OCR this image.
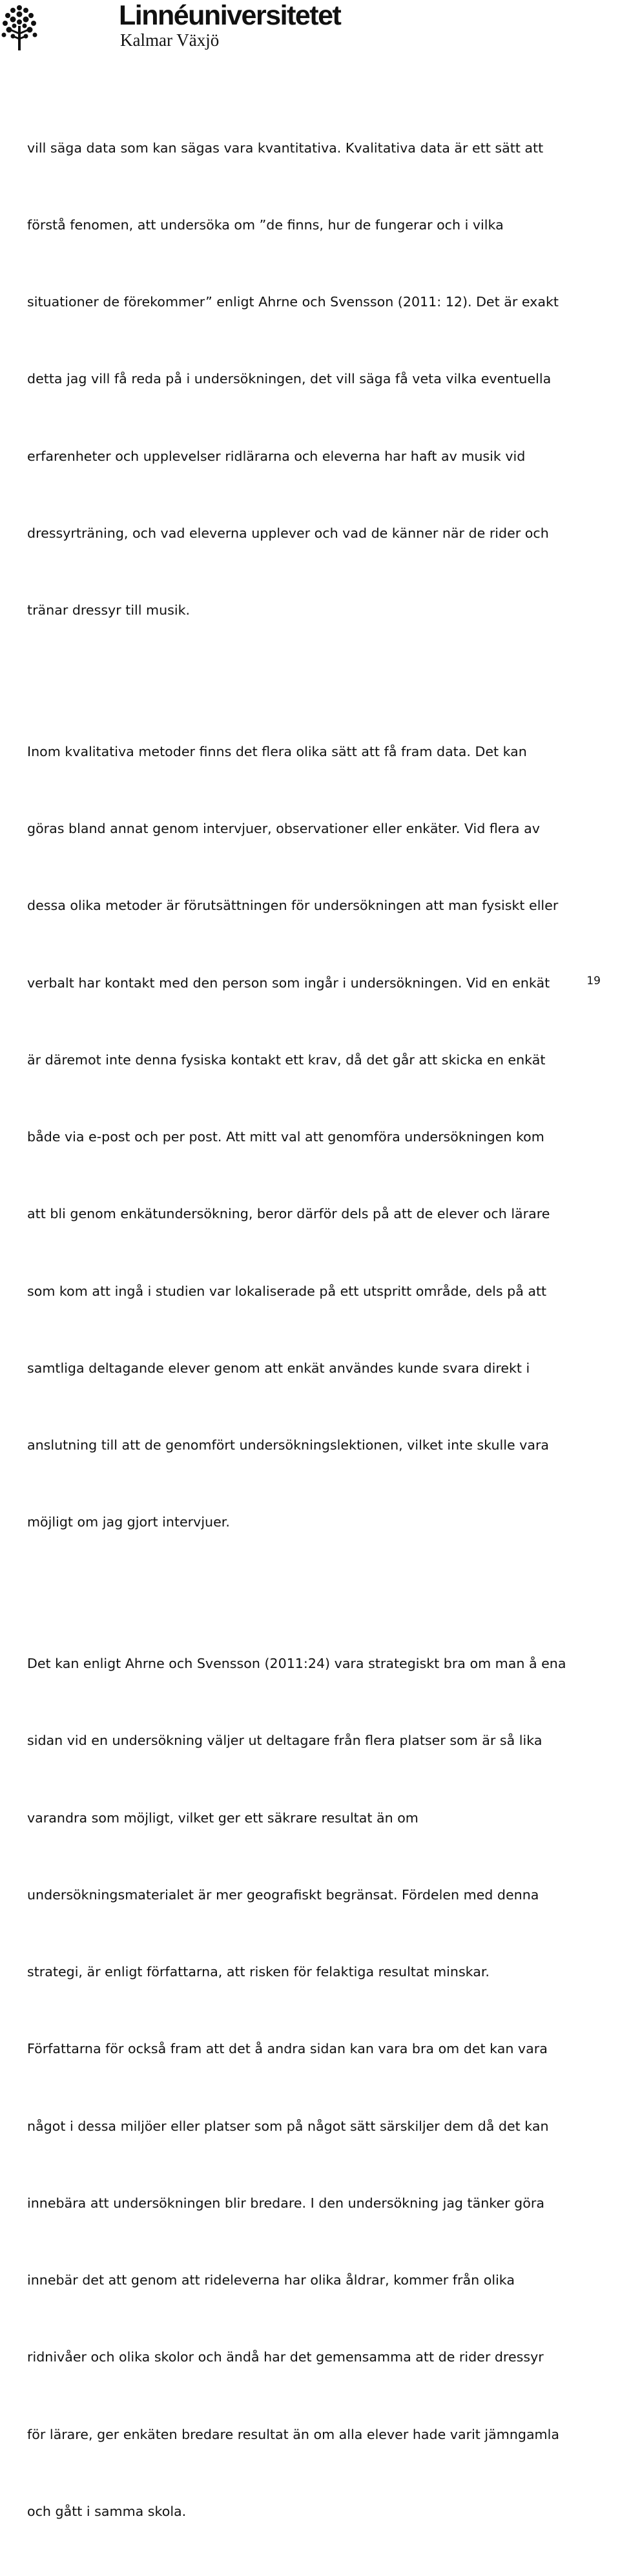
Linnéuniversitetet
Kalmar Växjö

vill säga data som kan sägas vara kvantitativa. Kvalitativa data är ett sätt att

förstå fenomen, att undersöka om ”de finns, hur de fungerar och i vilka

situationer de förekommer” enligt Ahrne och Svensson (2011: 12). Det är exakt

detta jag vill få reda på i undersökningen, det vill säga få veta vilka eventuella

erfarenheter och upplevelser ridlärarna och eleverna har haft av musik vid

dressyrträning, och vad eleverna upplever och vad de känner när de rider och

tränar dressyr till musik.

Inom kvalitativa metoder finns det flera olika sätt att få fram data. Det kan

göras bland annat genom intervjuer, observationer eller enkäter. Vid flera av

dessa olika metoder är förutsättningen för undersökningen att man fysiskt eller

verbalt har kontakt med den person som ingår i undersökningen. Vid en enkät

är däremot inte denna fysiska kontakt ett krav, då det går att skicka en enkät

både via e-post och per post. Att mitt val att genomföra undersökningen kom

att bli genom enkätundersökning, beror därför dels på att de elever och lärare

som kom att ingå i studien var lokaliserade på ett utspritt område, dels på att

samtliga deltagande elever genom att enkät användes kunde svara direkt i

anslutning till att de genomfört undersökningslektionen, vilket inte skulle vara

möjligt om jag gjort intervjuer.

Det kan enligt Ahrne och Svensson (2011:24) vara strategiskt bra om man å ena

sidan vid en undersökning väljer ut deltagare från flera platser som är så lika

varandra som möjligt, vilket ger ett säkrare resultat än om

undersökningsmaterialet är mer geografiskt begränsat. Fördelen med denna

strategi, är enligt författarna, att risken för felaktiga resultat minskar.

Författarna för också fram att det å andra sidan kan vara bra om det kan vara

något i dessa miljöer eller platser som på något sätt särskiljer dem då det kan

innebära att undersökningen blir bredare. I den undersökning jag tänker göra

innebär det att genom att rideleverna har olika åldrar, kommer från olika

ridnivåer och olika skolor och ändå har det gemensamma att de rider dressyr

för lärare, ger enkäten bredare resultat än om alla elever hade varit jämngamla

och gått i samma skola.

19
